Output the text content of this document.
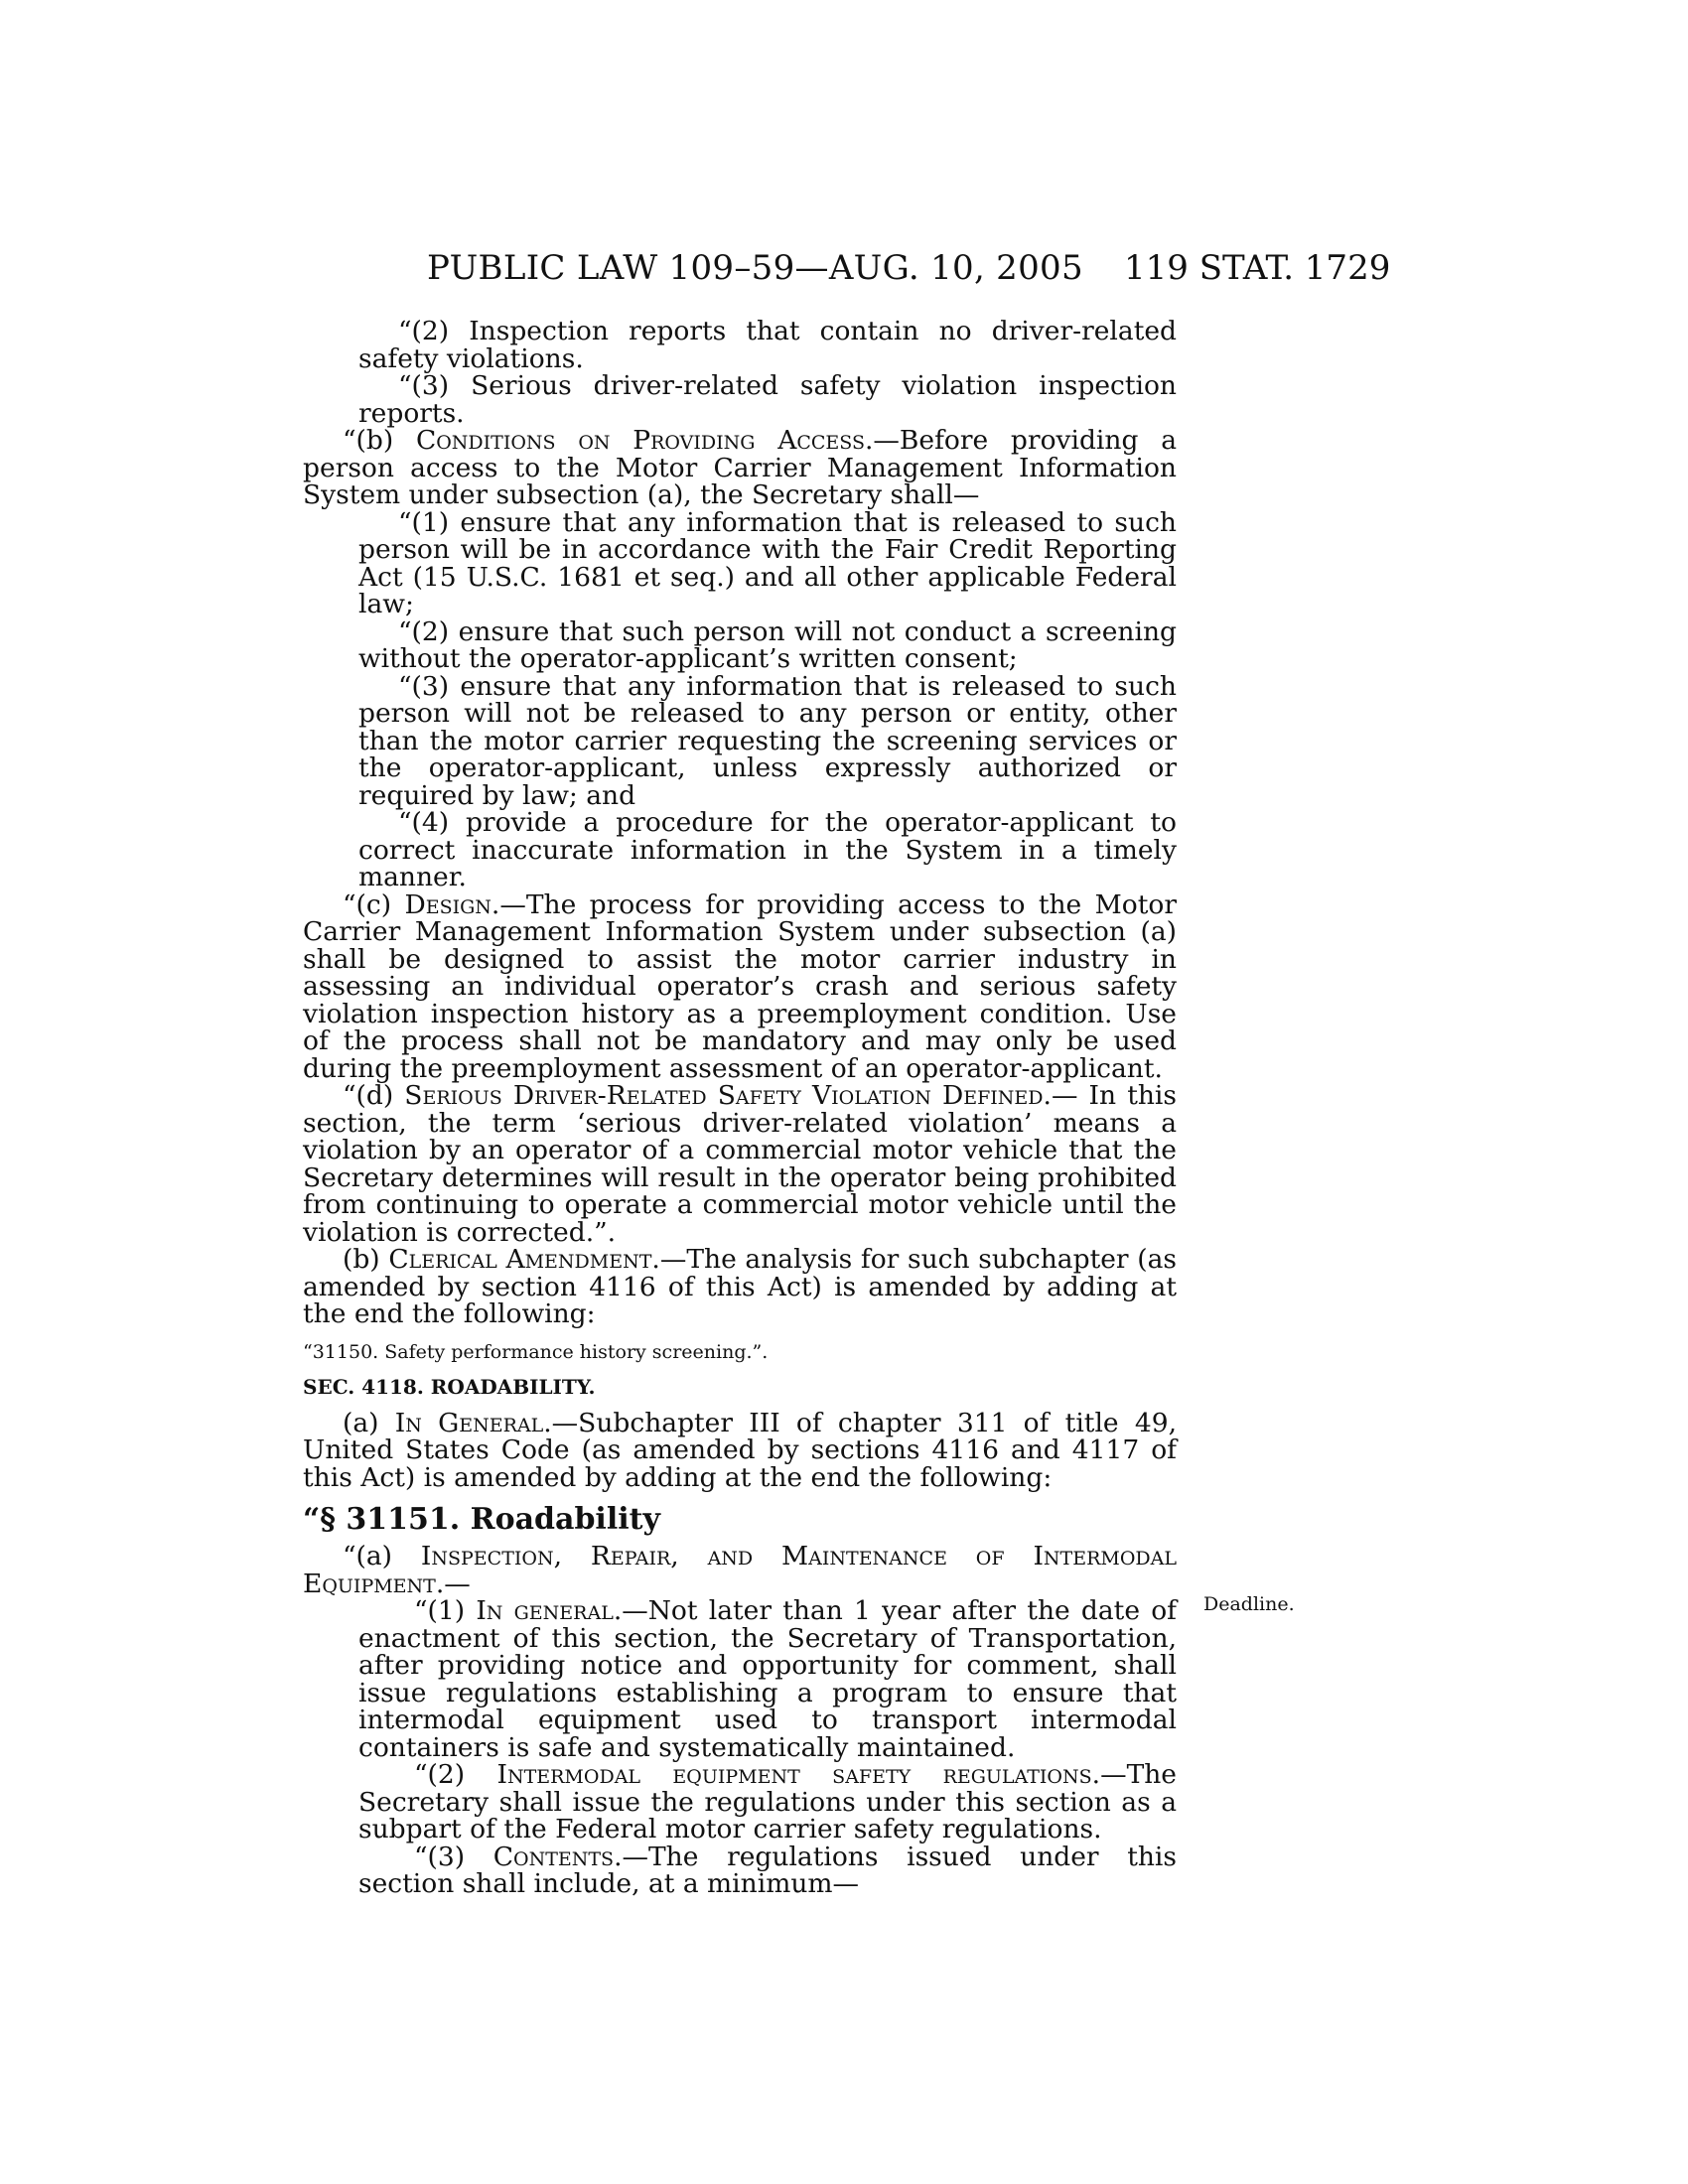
PUBLIC LAW 109–59—AUG. 10, 2005 119 STAT. 1729

“(2) Inspection reports that contain no driver-related safety violations.

“(3) Serious driver-related safety violation inspection reports.

“(b) Conditions on Providing Access.—Before providing a person access to the Motor Carrier Management Information System under subsection (a), the Secretary shall—

“(1) ensure that any information that is released to such person will be in accordance with the Fair Credit Reporting Act (15 U.S.C. 1681 et seq.) and all other applicable Federal law;

“(2) ensure that such person will not conduct a screening without the operator-applicant’s written consent;

“(3) ensure that any information that is released to such person will not be released to any person or entity, other than the motor carrier requesting the screening services or the operator-applicant, unless expressly authorized or required by law; and

“(4) provide a procedure for the operator-applicant to correct inaccurate information in the System in a timely manner.

“(c) Design.—The process for providing access to the Motor Carrier Management Information System under subsection (a) shall be designed to assist the motor carrier industry in assessing an individual operator’s crash and serious safety violation inspection history as a preemployment condition. Use of the process shall not be mandatory and may only be used during the preemployment assessment of an operator-applicant.

“(d) Serious Driver-Related Safety Violation Defined.— In this section, the term ‘serious driver-related violation’ means a violation by an operator of a commercial motor vehicle that the Secretary determines will result in the operator being prohibited from continuing to operate a commercial motor vehicle until the violation is corrected.”.

(b) Clerical Amendment.—The analysis for such subchapter (as amended by section 4116 of this Act) is amended by adding at the end the following:

“31150. Safety performance history screening.”.

SEC. 4118. ROADABILITY.

(a) In General.—Subchapter III of chapter 311 of title 49, United States Code (as amended by sections 4116 and 4117 of this Act) is amended by adding at the end the following:

“§ 31151. Roadability

“(a) Inspection, Repair, and Maintenance of Intermodal Equipment.—

“(1) In general.—Not later than 1 year after the date of enactment of this section, the Secretary of Transportation, after providing notice and opportunity for comment, shall issue regulations establishing a program to ensure that intermodal equipment used to transport intermodal containers is safe and systematically maintained.

“(2) Intermodal equipment safety regulations.—The Secretary shall issue the regulations under this section as a subpart of the Federal motor carrier safety regulations.

“(3) Contents.—The regulations issued under this section shall include, at a minimum—

Deadline.
